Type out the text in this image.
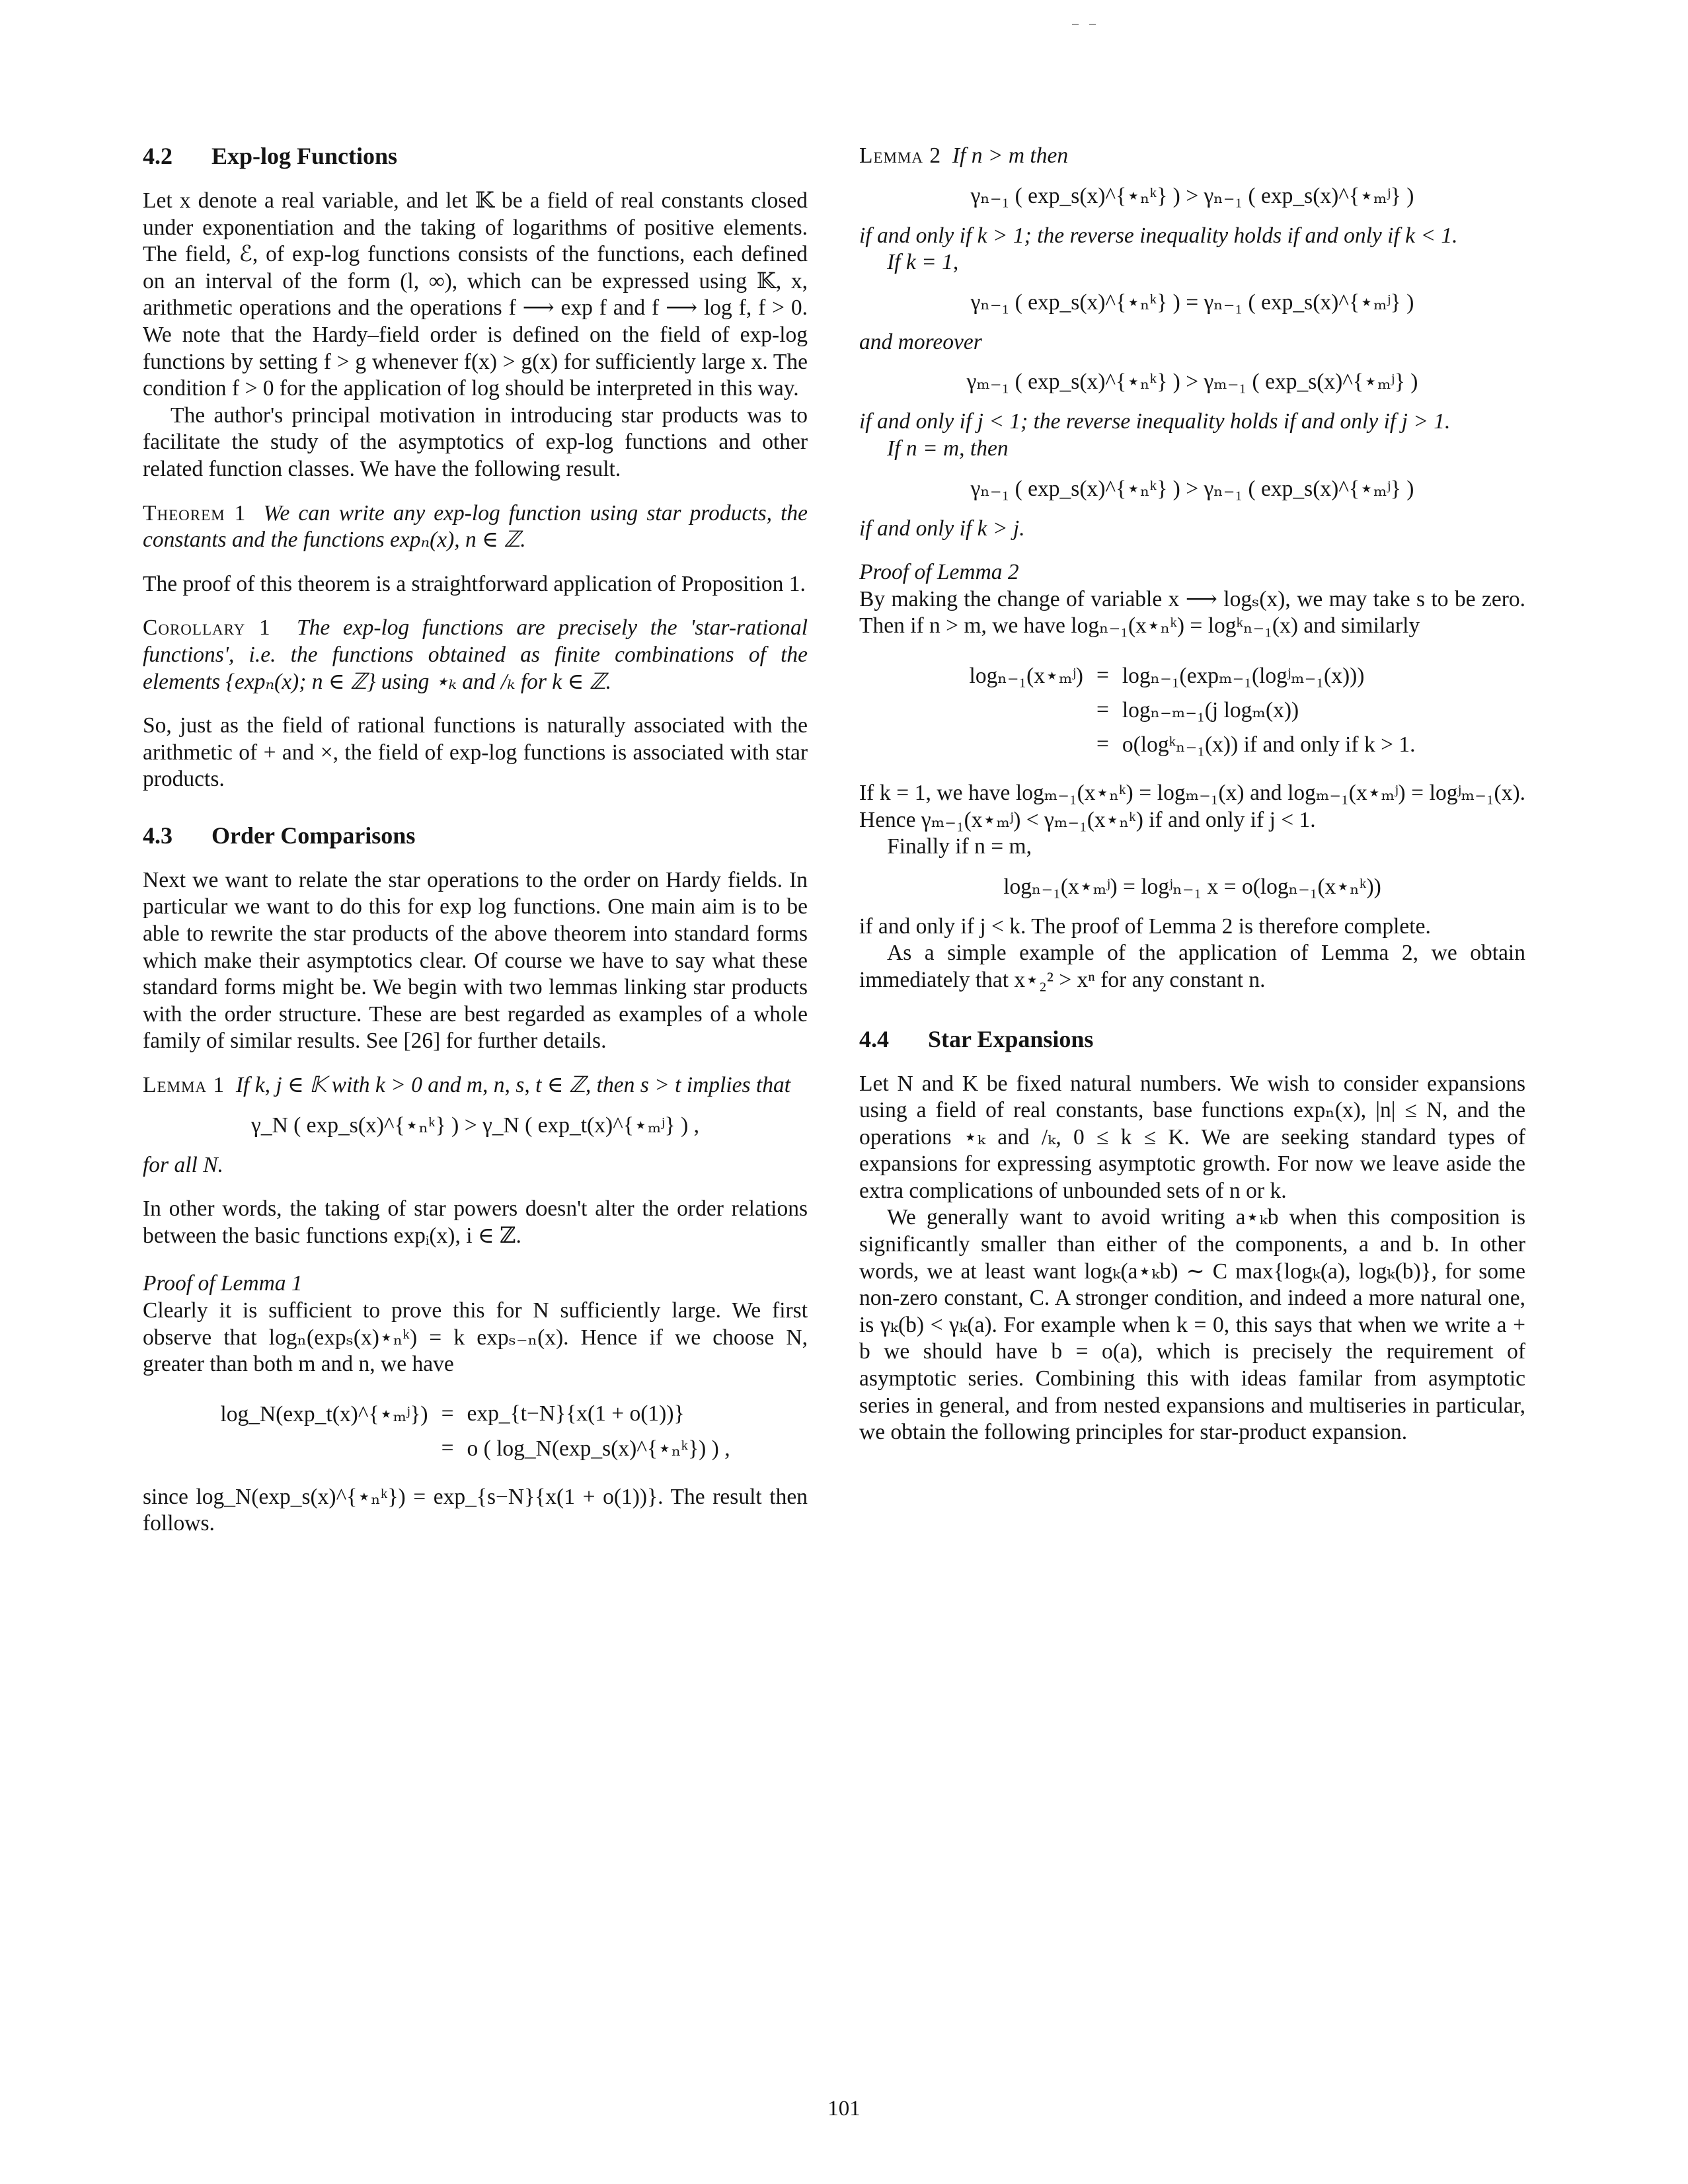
4.2 Exp-log Functions

Let x denote a real variable, and let 𝕂 be a field of real constants closed under exponentiation and the taking of logarithms of positive elements. The field, ℰ, of exp-log functions consists of the functions, each defined on an interval of the form (l, ∞), which can be expressed using 𝕂, x, arithmetic operations and the operations f ⟶ exp f and f ⟶ log f, f > 0. We note that the Hardy–field order is defined on the field of exp-log functions by setting f > g whenever f(x) > g(x) for sufficiently large x. The condition f > 0 for the application of log should be interpreted in this way.

The author's principal motivation in introducing star products was to facilitate the study of the asymptotics of exp-log functions and other related function classes. We have the following result.

Theorem 1 We can write any exp-log function using star products, the constants and the functions expₙ(x), n ∈ ℤ.

The proof of this theorem is a straightforward application of Proposition 1.

Corollary 1 The exp-log functions are precisely the 'star-rational functions', i.e. the functions obtained as finite combinations of the elements {expₙ(x); n ∈ ℤ} using ⋆ₖ and /ₖ for k ∈ ℤ.

So, just as the field of rational functions is naturally associated with the arithmetic of + and ×, the field of exp-log functions is associated with star products.

4.3 Order Comparisons

Next we want to relate the star operations to the order on Hardy fields. In particular we want to do this for exp log functions. One main aim is to be able to rewrite the star products of the above theorem into standard forms which make their asymptotics clear. Of course we have to say what these standard forms might be. We begin with two lemmas linking star products with the order structure. These are best regarded as examples of a whole family of similar results. See [26] for further details.

Lemma 1 If k, j ∈ 𝕂 with k > 0 and m, n, s, t ∈ ℤ, then s > t implies that

γ_N ( exp_s(x)^{⋆ₙᵏ} ) > γ_N ( exp_t(x)^{⋆ₘʲ} ) ,

for all N.

In other words, the taking of star powers doesn't alter the order relations between the basic functions expᵢ(x), i ∈ ℤ.

Proof of Lemma 1

Clearly it is sufficient to prove this for N sufficiently large. We first observe that logₙ(expₛ(x)⋆ₙᵏ) = k expₛ₋ₙ(x). Hence if we choose N, greater than both m and n, we have

log_N(exp_t(x)^{⋆ₘʲ})	=	exp_{t−N}{x(1 + o(1))}
	=	o ( log_N(exp_s(x)^{⋆ₙᵏ}) ) ,

since log_N(exp_s(x)^{⋆ₙᵏ}) = exp_{s−N}{x(1 + o(1))}. The result then follows.

Lemma 2 If n > m then

γₙ₋₁ ( exp_s(x)^{⋆ₙᵏ} ) > γₙ₋₁ ( exp_s(x)^{⋆ₘʲ} )

if and only if k > 1; the reverse inequality holds if and only if k < 1.

If k = 1,

γₙ₋₁ ( exp_s(x)^{⋆ₙᵏ} ) = γₙ₋₁ ( exp_s(x)^{⋆ₘʲ} )

and moreover

γₘ₋₁ ( exp_s(x)^{⋆ₙᵏ} ) > γₘ₋₁ ( exp_s(x)^{⋆ₘʲ} )

if and only if j < 1; the reverse inequality holds if and only if j > 1.

If n = m, then

γₙ₋₁ ( exp_s(x)^{⋆ₙᵏ} ) > γₙ₋₁ ( exp_s(x)^{⋆ₘʲ} )

if and only if k > j.

Proof of Lemma 2

By making the change of variable x ⟶ logₛ(x), we may take s to be zero. Then if n > m, we have logₙ₋₁(x⋆ₙᵏ) = logᵏₙ₋₁(x) and similarly

logₙ₋₁(x⋆ₘʲ)	=	logₙ₋₁(expₘ₋₁(logʲₘ₋₁(x)))
	=	logₙ₋ₘ₋₁(j logₘ(x))
	=	o(logᵏₙ₋₁(x)) if and only if k > 1.

If k = 1, we have logₘ₋₁(x⋆ₙᵏ) = logₘ₋₁(x) and logₘ₋₁(x⋆ₘʲ) = logʲₘ₋₁(x). Hence γₘ₋₁(x⋆ₘʲ) < γₘ₋₁(x⋆ₙᵏ) if and only if j < 1.

Finally if n = m,

logₙ₋₁(x⋆ₘʲ) = logʲₙ₋₁ x = o(logₙ₋₁(x⋆ₙᵏ))

if and only if j < k. The proof of Lemma 2 is therefore complete.

As a simple example of the application of Lemma 2, we obtain immediately that x⋆₂² > xⁿ for any constant n.

4.4 Star Expansions

Let N and K be fixed natural numbers. We wish to consider expansions using a field of real constants, base functions expₙ(x), |n| ≤ N, and the operations ⋆ₖ and /ₖ, 0 ≤ k ≤ K. We are seeking standard types of expansions for expressing asymptotic growth. For now we leave aside the extra complications of unbounded sets of n or k.

We generally want to avoid writing a⋆ₖb when this composition is significantly smaller than either of the components, a and b. In other words, we at least want logₖ(a⋆ₖb) ∼ C max{logₖ(a), logₖ(b)}, for some non-zero constant, C. A stronger condition, and indeed a more natural one, is γₖ(b) < γₖ(a). For example when k = 0, this says that when we write a + b we should have b = o(a), which is precisely the requirement of asymptotic series. Combining this with ideas familar from asymptotic series in general, and from nested expansions and multiseries in particular, we obtain the following principles for star-product expansion.

101
